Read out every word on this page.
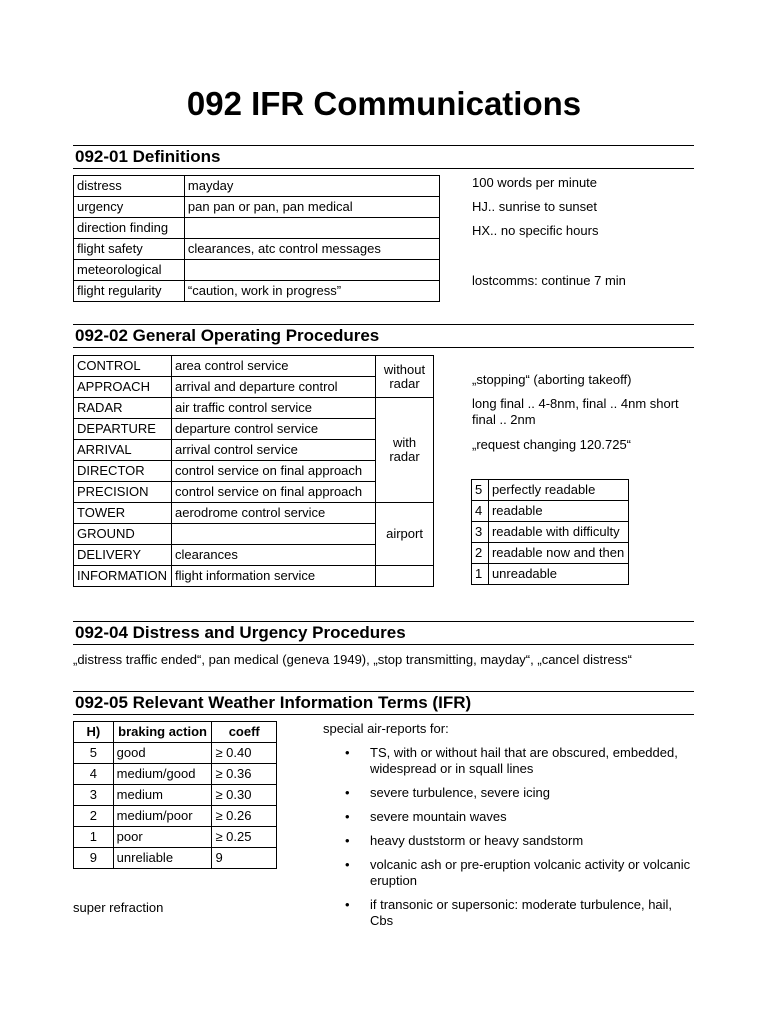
092 IFR Communications
092-01 Definitions
distress	mayday
urgency	pan pan or pan, pan medical
direction finding	
flight safety	clearances, atc control messages
meteorological	
flight regularity	“caution, work in progress”
100 words per minute
HJ.. sunrise to sunset
HX.. no specific hours
lostcomms: continue 7 min
092-02 General Operating Procedures
CONTROL	area control service	without radar
APPROACH	arrival and departure control	
RADAR	air traffic control service	with radar
DEPARTURE	departure control service	
ARRIVAL	arrival control service	
DIRECTOR	control service on final approach	
PRECISION	control service on final approach	
TOWER	aerodrome control service	airport
GROUND		
DELIVERY	clearances	
INFORMATION	flight information service	
„stopping“ (aborting takeoff)
long final .. 4-8nm, final .. 4nm short final .. 2nm
„request changing 120.725“
5	perfectly readable
4	readable
3	readable with difficulty
2	readable now and then
1	unreadable
092-04 Distress and Urgency Procedures
„distress traffic ended“, pan medical (geneva 1949), „stop transmitting, mayday“, „cancel distress“
092-05 Relevant Weather Information Terms (IFR)
H)	braking action	coeff
5	good	≥ 0.40
4	medium/good	≥ 0.36
3	medium	≥ 0.30
2	medium/poor	≥ 0.26
1	poor	≥ 0.25
9	unreliable	9
super refraction
special air-reports for:
• TS, with or without hail that are obscured, embedded, widespread or in squall lines
• severe turbulence, severe icing
• severe mountain waves
• heavy duststorm or heavy sandstorm
• volcanic ash or pre-eruption volcanic activity or volcanic eruption
• if transonic or supersonic: moderate turbulence, hail, Cbs
